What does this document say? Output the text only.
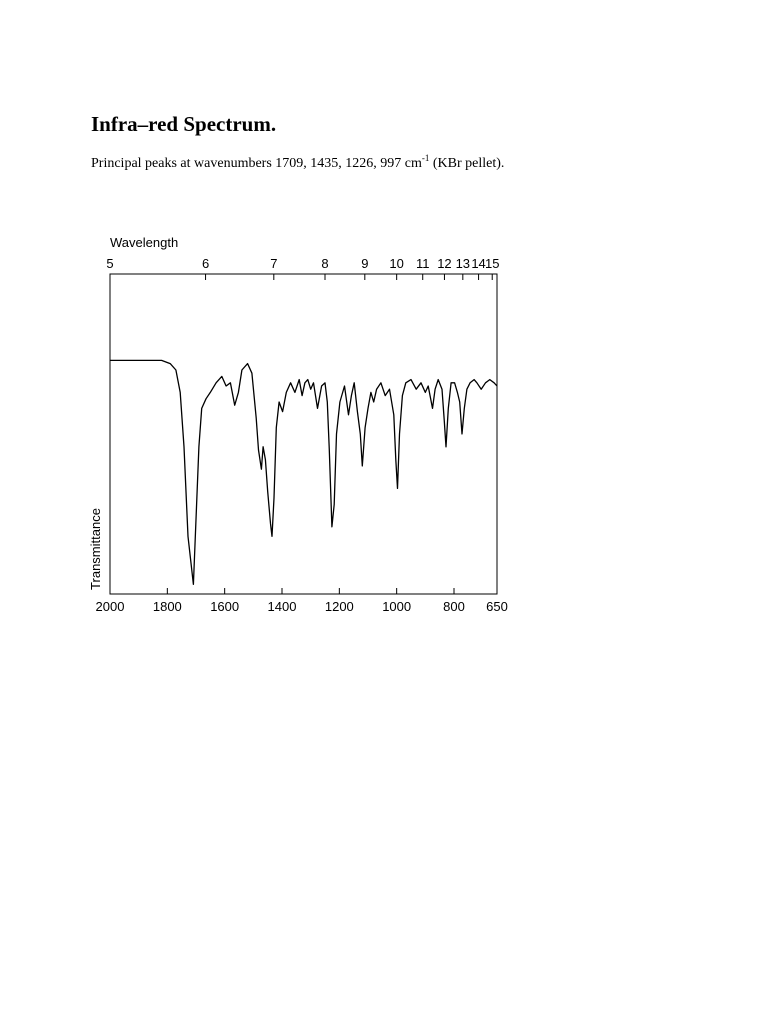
Infra–red Spectrum.
Principal peaks at wavenumbers 1709, 1435, 1226, 997 $cm^{-1}$ (KBr pellet).
Wavelength
5	6	7	8	9 10 11 12 13 14 15
2000 1800 1600 1400 1200 1000 800 650
Transmittance
